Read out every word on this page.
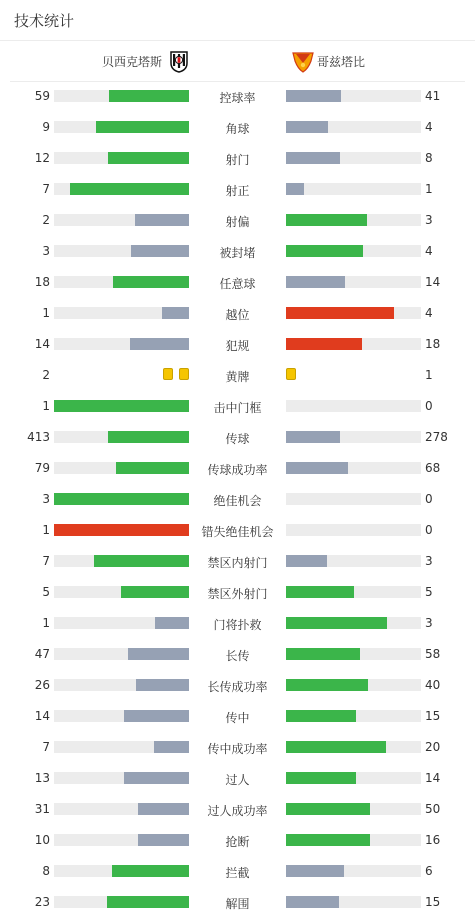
技术统计
贝西克塔斯	哥兹塔比
59	控球率	41
9	角球	4
12	射门	8
7	射正	1
2	射偏	3
3	被封堵	4
18	任意球	14
1	越位	4
14	犯规	18
2	黄牌	1
1	击中门框	0
413	传球	278
79	传球成功率	68
3	绝佳机会	0
1	错失绝佳机会	0
7	禁区内射门	3
5	禁区外射门	5
1	门将扑救	3
47	长传	58
26	长传成功率	40
14	传中	15
7	传中成功率	20
13	过人	14
31	过人成功率	50
10	抢断	16
8	拦截	6
23	解围	15
